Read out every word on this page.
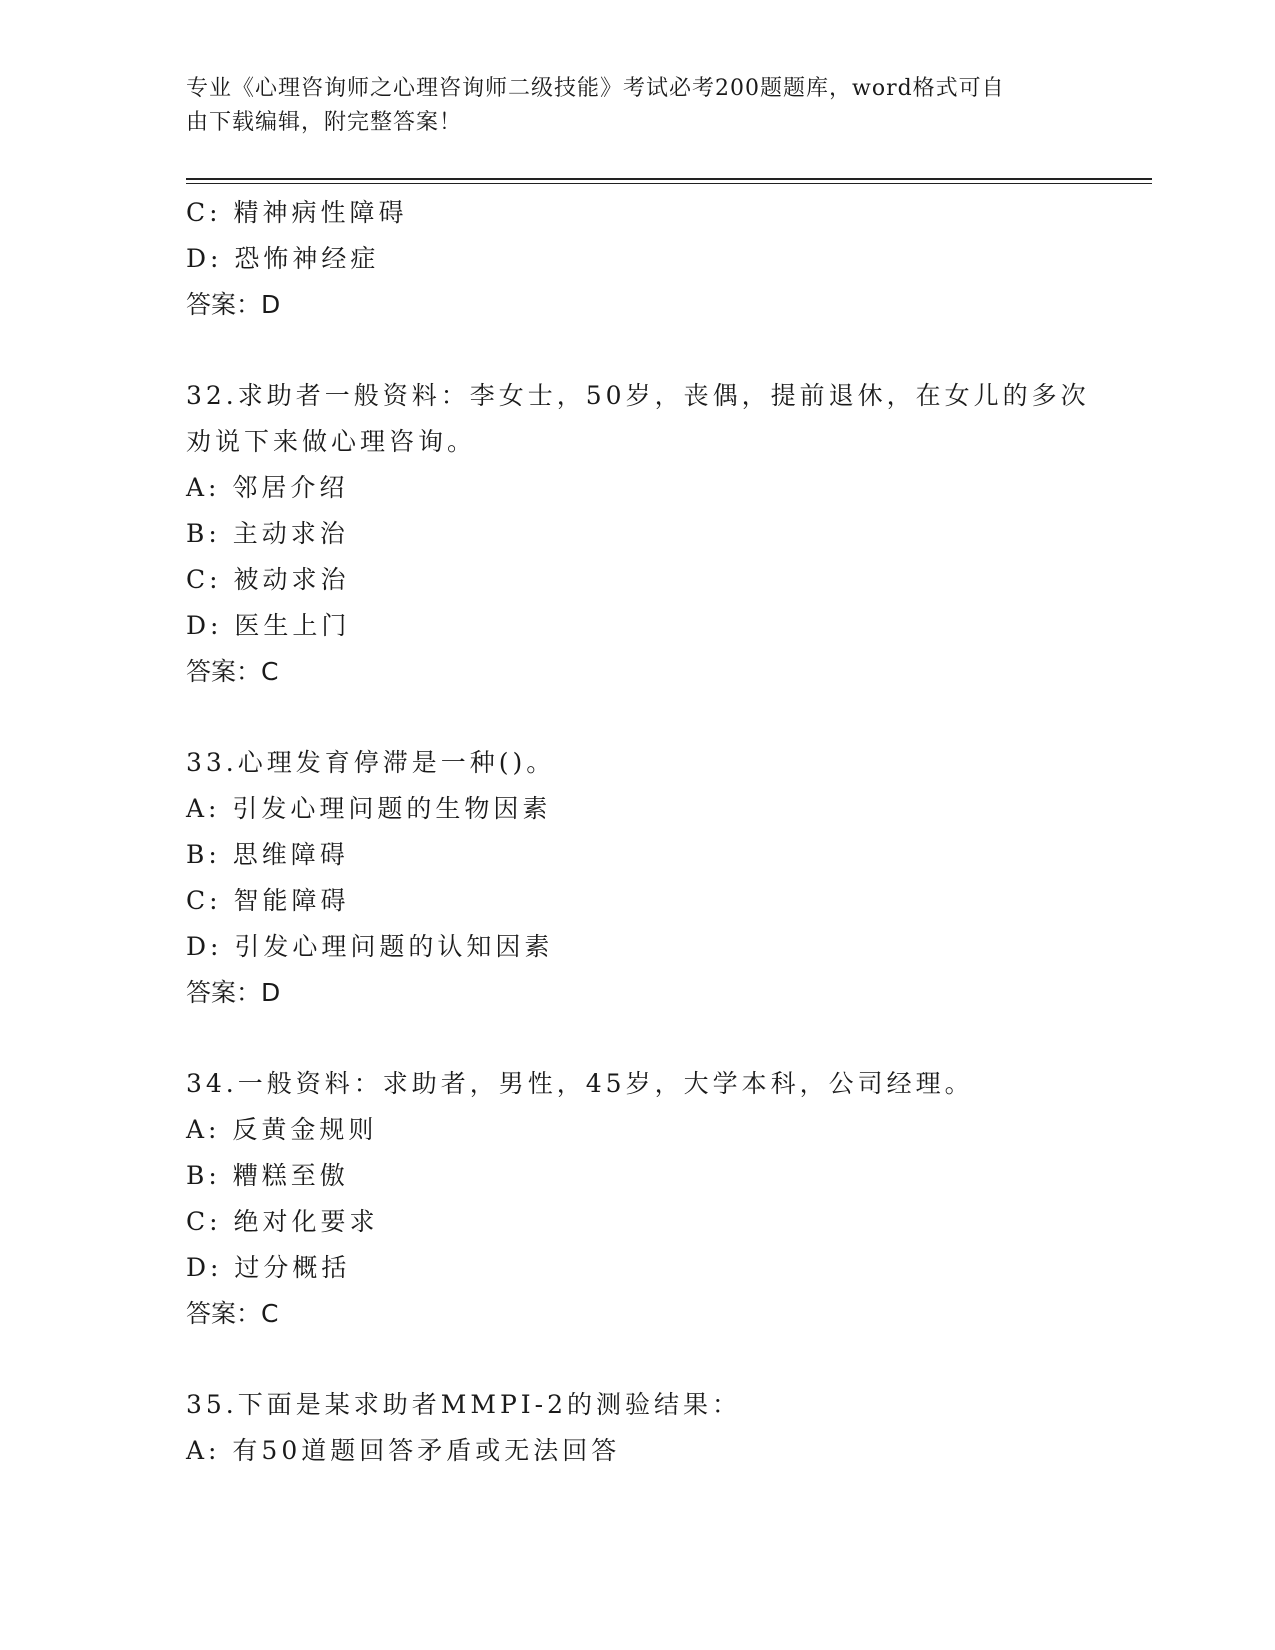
专业《心理咨询师之心理咨询师二级技能》考试必考200题题库，word格式可自
由下载编辑，附完整答案！
C: 精神病性障碍
D: 恐怖神经症
答案：D
32.求助者一般资料：李女士，50岁，丧偶，提前退休，在女儿的多次
劝说下来做心理咨询。
A: 邻居介绍
B: 主动求治
C: 被动求治
D: 医生上门
答案：C
33.心理发育停滞是一种()。
A: 引发心理问题的生物因素
B: 思维障碍
C: 智能障碍
D: 引发心理问题的认知因素
答案：D
34.一般资料：求助者，男性，45岁，大学本科，公司经理。
A: 反黄金规则
B: 糟糕至傲
C: 绝对化要求
D: 过分概括
答案：C
35.下面是某求助者MMPI-2的测验结果：
A: 有50道题回答矛盾或无法回答
